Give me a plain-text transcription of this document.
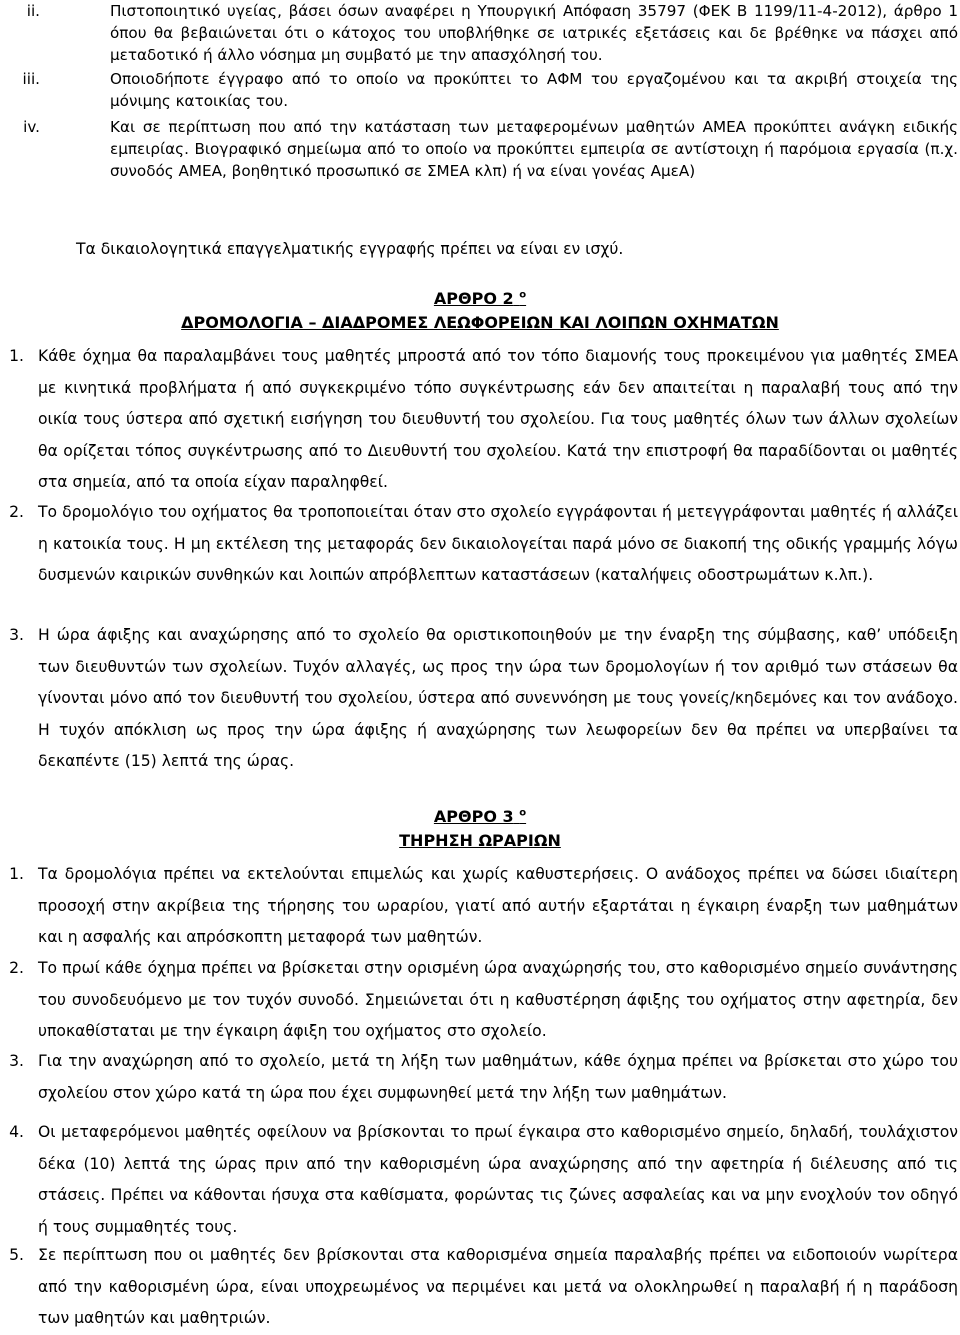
ii.	Πιστοποιητικό υγείας, βάσει όσων αναφέρει η Υπουργική Απόφαση 35797 (ΦΕΚ Β 1199/11-4-2012), άρθρο 1 όπου θα βεβαιώνεται ότι ο κάτοχος του υποβλήθηκε σε ιατρικές εξετάσεις και δε βρέθηκε να πάσχει από μεταδοτικό ή άλλο νόσημα μη συμβατό με την απασχόλησή του.
iii.	Οποιοδήποτε έγγραφο από το οποίο να προκύπτει το ΑΦΜ του εργαζομένου και τα ακριβή στοιχεία της μόνιμης κατοικίας του.
iv.	Και σε περίπτωση που από την κατάσταση των μεταφερομένων μαθητών ΑΜΕΑ προκύπτει ανάγκη ειδικής εμπειρίας. Βιογραφικό σημείωμα από το οποίο να προκύπτει εμπειρία σε αντίστοιχη ή παρόμοια εργασία (π.χ. συνοδός ΑΜΕΑ, βοηθητικό προσωπικό σε ΣΜΕΑ κλπ) ή να είναι γονέας ΑμεΑ)
Τα δικαιολογητικά επαγγελματικής εγγραφής πρέπει να είναι εν ισχύ.
ΑΡΘΡΟ 2 $^o$
ΔΡΟΜΟΛΟΓΙΑ – ΔΙΑΔΡΟΜΕΣ ΛΕΩΦΟΡΕΙΩΝ ΚΑΙ ΛΟΙΠΩΝ ΟΧΗΜΑΤΩΝ
1. Κάθε όχημα θα παραλαμβάνει τους μαθητές μπροστά από τον τόπο διαμονής τους προκειμένου για μαθητές ΣΜΕΑ με κινητικά προβλήματα ή από συγκεκριμένο τόπο συγκέντρωσης εάν δεν απαιτείται η παραλαβή τους από την οικία τους ύστερα από σχετική εισήγηση του διευθυντή του σχολείου. Για τους μαθητές όλων των άλλων σχολείων θα ορίζεται τόπος συγκέντρωσης από το Διευθυντή του σχολείου. Κατά την επιστροφή θα παραδίδονται οι μαθητές στα σημεία, από τα οποία είχαν παραληφθεί.
2. Το δρομολόγιο του οχήματος θα τροποποιείται όταν στο σχολείο εγγράφονται ή μετεγγράφονται μαθητές ή αλλάζει η κατοικία τους. Η μη εκτέλεση της μεταφοράς δεν δικαιολογείται παρά μόνο σε διακοπή της οδικής γραμμής λόγω δυσμενών καιρικών συνθηκών και λοιπών απρόβλεπτων καταστάσεων (καταλήψεις οδοστρωμάτων κ.λπ.).
3. Η ώρα άφιξης και αναχώρησης από το σχολείο θα οριστικοποιηθούν με την έναρξη της σύμβασης, καθ’ υπόδειξη των διευθυντών των σχολείων. Τυχόν αλλαγές, ως προς την ώρα των δρομολογίων ή τον αριθμό των στάσεων θα γίνονται μόνο από τον διευθυντή του σχολείου, ύστερα από συνεννόηση με τους γονείς/κηδεμόνες και τον ανάδοχο. Η τυχόν απόκλιση ως προς την ώρα άφιξης ή αναχώρησης των λεωφορείων δεν θα πρέπει να υπερβαίνει τα δεκαπέντε (15) λεπτά της ώρας.
ΑΡΘΡΟ 3 $^o$
ΤΗΡΗΣΗ ΩΡΑΡΙΩΝ
1. Τα δρομολόγια πρέπει να εκτελούνται επιμελώς και χωρίς καθυστερήσεις. Ο ανάδοχος πρέπει να δώσει ιδιαίτερη προσοχή στην ακρίβεια της τήρησης του ωραρίου, γιατί από αυτήν εξαρτάται η έγκαιρη έναρξη των μαθημάτων και η ασφαλής και απρόσκοπτη μεταφορά των μαθητών.
2. Το πρωί κάθε όχημα πρέπει να βρίσκεται στην ορισμένη ώρα αναχώρησής του, στο καθορισμένο σημείο συνάντησης του συνοδευόμενο με τον τυχόν συνοδό. Σημειώνεται ότι η καθυστέρηση άφιξης του οχήματος στην αφετηρία, δεν υποκαθίσταται με την έγκαιρη άφιξη του οχήματος στο σχολείο.
3. Για την αναχώρηση από το σχολείο, μετά τη λήξη των μαθημάτων, κάθε όχημα πρέπει να βρίσκεται στο χώρο του σχολείου στον χώρο κατά τη ώρα που έχει συμφωνηθεί μετά την λήξη των μαθημάτων.
4. Οι μεταφερόμενοι μαθητές οφείλουν να βρίσκονται το πρωί έγκαιρα στο καθορισμένο σημείο, δηλαδή, τουλάχιστον δέκα (10) λεπτά της ώρας πριν από την καθορισμένη ώρα αναχώρησης από την αφετηρία ή διέλευσης από τις στάσεις. Πρέπει να κάθονται ήσυχα στα καθίσματα, φορώντας τις ζώνες ασφαλείας και να μην ενοχλούν τον οδηγό ή τους συμμαθητές τους.
5. Σε περίπτωση που οι μαθητές δεν βρίσκονται στα καθορισμένα σημεία παραλαβής πρέπει να ειδοποιούν νωρίτερα από την καθορισμένη ώρα, είναι υποχρεωμένος να περιμένει και μετά να ολοκληρωθεί η παραλαβή ή η παράδοση των μαθητών και μαθητριών.
